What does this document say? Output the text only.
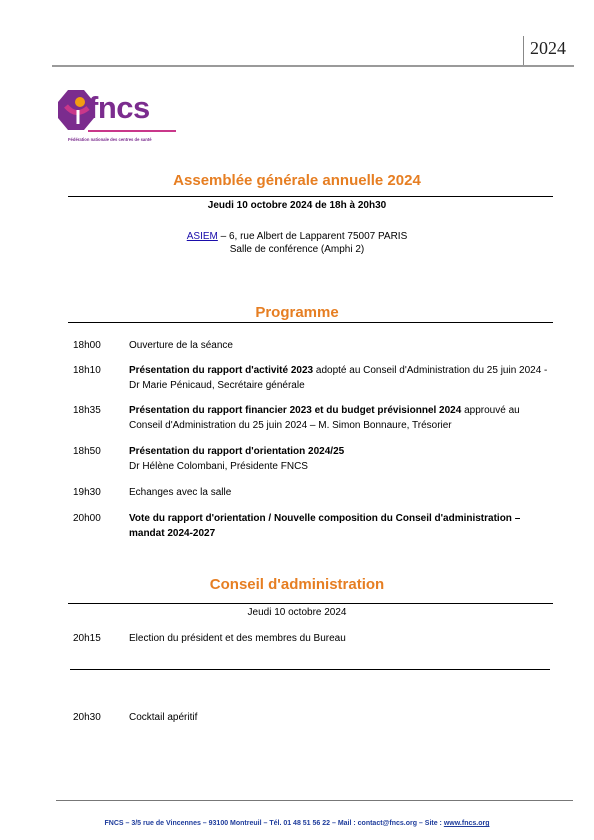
2024
fncs
Fédération nationale des centres de santé
Assemblée générale annuelle 2024
Jeudi 10 octobre 2024 de 18h à 20h30
ASIEM – 6, rue Albert de Lapparent 75007 PARIS
Salle de conférence (Amphi 2)
Programme
18h00	Ouverture de la séance
18h10	Présentation du rapport d'activité 2023 adopté au Conseil d'Administration du 25 juin 2024 - Dr Marie Pénicaud, Secrétaire générale
18h35	Présentation du rapport financier 2023 et du budget prévisionnel 2024 approuvé au Conseil d'Administration du 25 juin 2024 – M. Simon Bonnaure, Trésorier
18h50	Présentation du rapport d'orientation 2024/25
Dr Hélène Colombani, Présidente FNCS
19h30	Echanges avec la salle
20h00	Vote du rapport d'orientation / Nouvelle composition du Conseil d'administration – mandat 2024-2027
Conseil d'administration
Jeudi 10 octobre 2024
20h15	Election du président et des membres du Bureau
20h30	Cocktail apéritif
FNCS – 3/5 rue de Vincennes – 93100 Montreuil – Tél. 01 48 51 56 22 – Mail : contact@fncs.org – Site : www.fncs.org
